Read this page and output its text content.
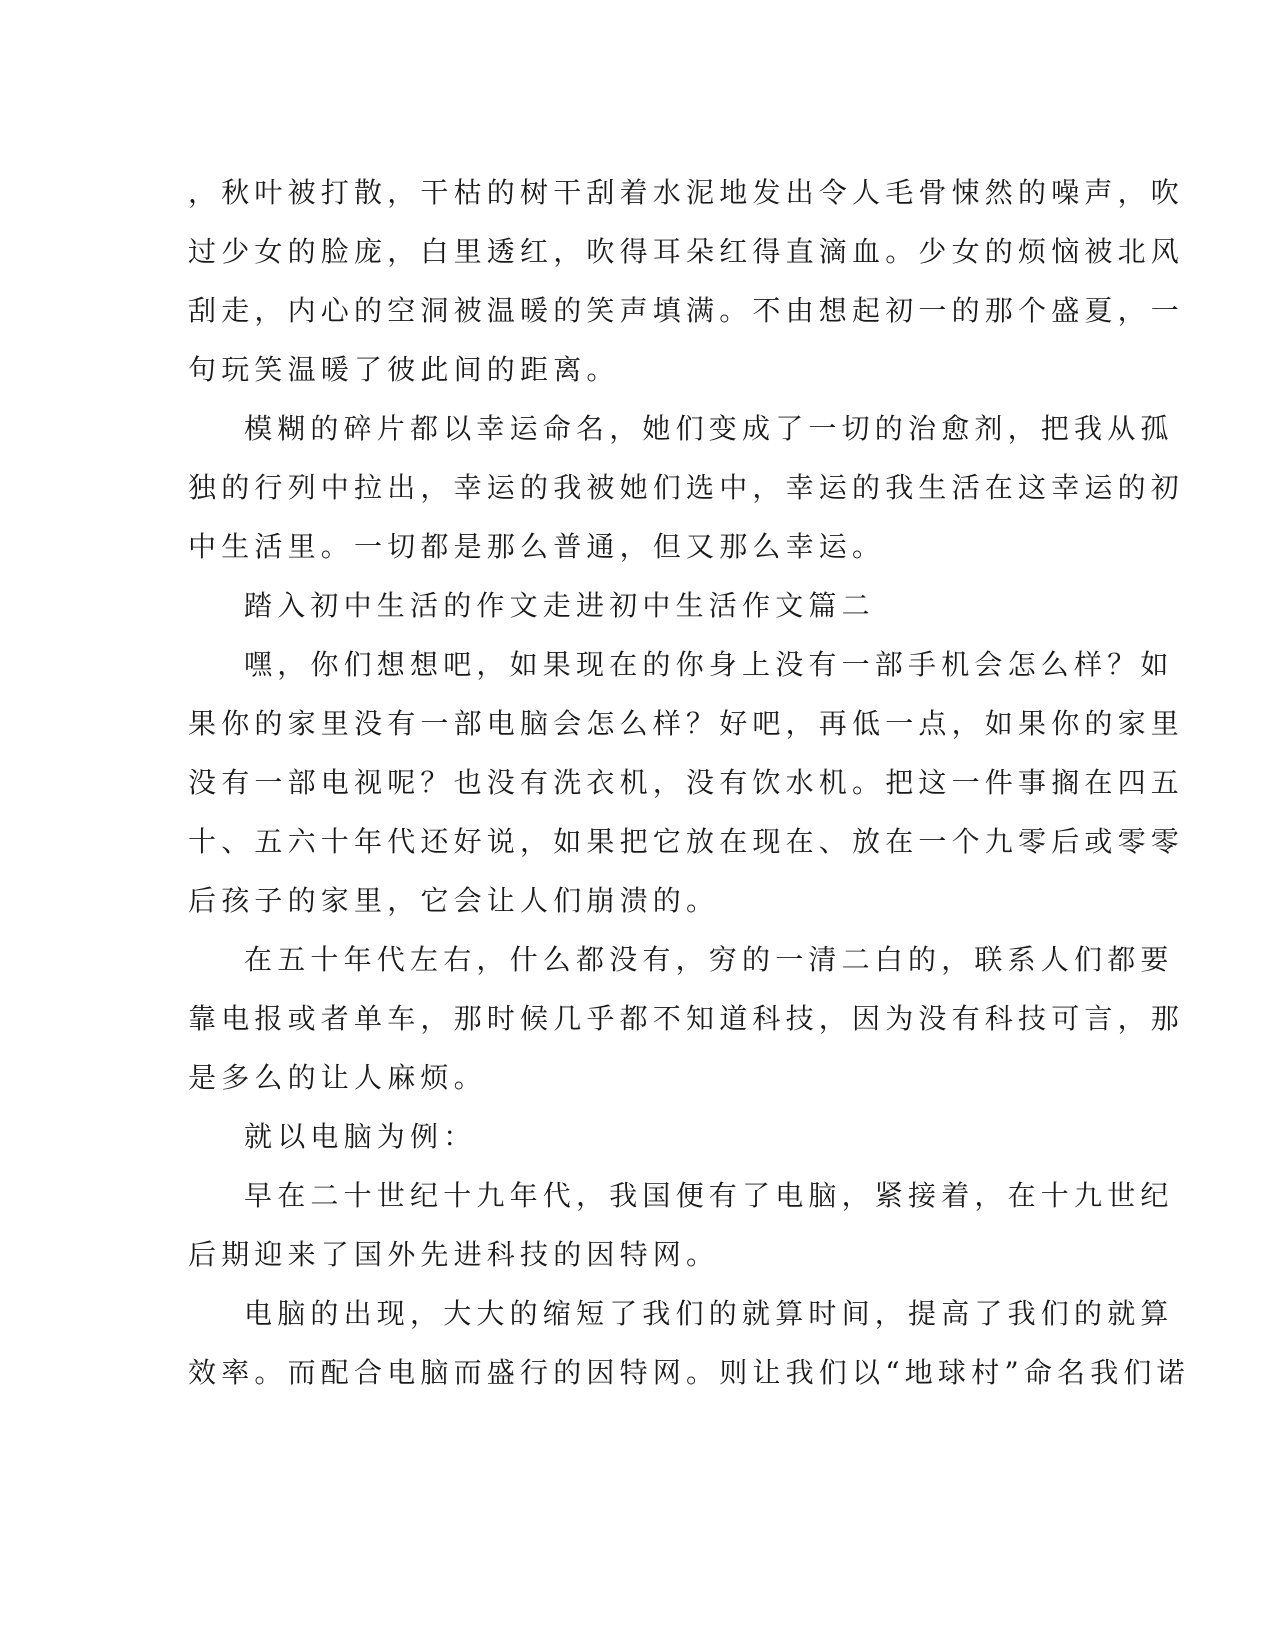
，秋叶被打散，干枯的树干刮着水泥地发出令人毛骨悚然的噪声，吹
过少女的脸庞，白里透红，吹得耳朵红得直滴血。少女的烦恼被北风
刮走，内心的空洞被温暖的笑声填满。不由想起初一的那个盛夏，一
句玩笑温暖了彼此间的距离。

模糊的碎片都以幸运命名，她们变成了一切的治愈剂，把我从孤
独的行列中拉出，幸运的我被她们选中，幸运的我生活在这幸运的初
中生活里。一切都是那么普通，但又那么幸运。

踏入初中生活的作文走进初中生活作文篇二

嘿，你们想想吧，如果现在的你身上没有一部手机会怎么样？如
果你的家里没有一部电脑会怎么样？好吧，再低一点，如果你的家里
没有一部电视呢？也没有洗衣机，没有饮水机。把这一件事搁在四五
十、五六十年代还好说，如果把它放在现在、放在一个九零后或零零
后孩子的家里，它会让人们崩溃的。

在五十年代左右，什么都没有，穷的一清二白的，联系人们都要
靠电报或者单车，那时候几乎都不知道科技，因为没有科技可言，那
是多么的让人麻烦。

就以电脑为例：

早在二十世纪十九年代，我国便有了电脑，紧接着，在十九世纪
后期迎来了国外先进科技的因特网。

电脑的出现，大大的缩短了我们的就算时间，提高了我们的就算
效率。而配合电脑而盛行的因特网。则让我们以“地球村”命名我们诺
